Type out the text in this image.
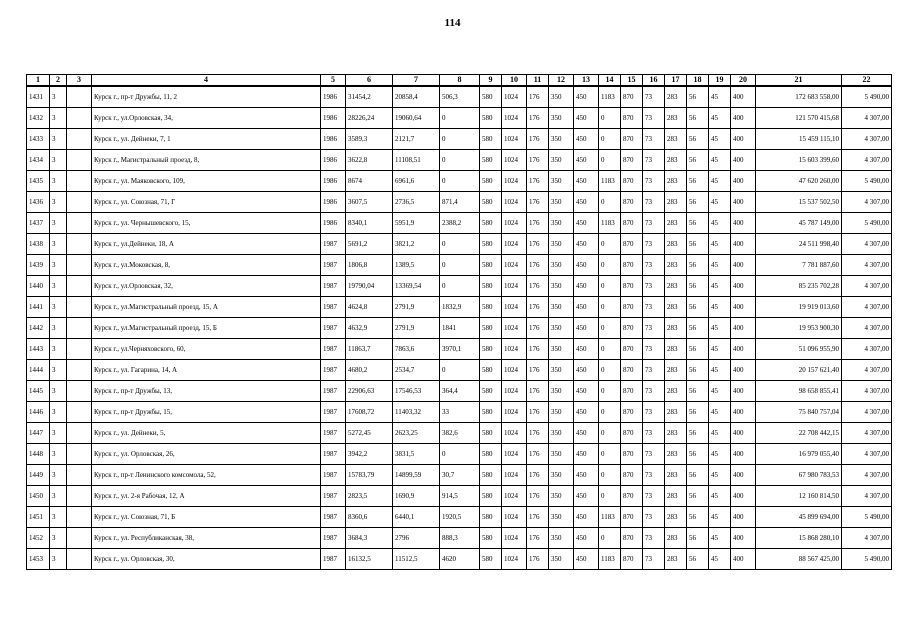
114
1	2	3	4	5	6	7	8	9	10	11	12	13	14	15	16	17	18	19	20	21	22
1431	3		Курск г., пр-т Дружбы, 11, 2	1986	31454,2	20858,4	506,3	580	1024	176	350	450	1183	870	73	283	56	45	400	172 683 558,00	5 490,00
1432	3		Курск г., ул.Орловская, 34,	1986	28226,24	19060,64	0	580	1024	176	350	450	0	870	73	283	56	45	400	121 570 415,68	4 307,00
1433	3		Курск г., ул. Дейнеки, 7, 1	1986	3589,3	2121,7	0	580	1024	176	350	450	0	870	73	283	56	45	400	15 459 115,10	4 307,00
1434	3		Курск г., Магистральный проезд, 8,	1986	3622,8	11108,51	0	580	1024	176	350	450	0	870	73	283	56	45	400	15 603 399,60	4 307,00
1435	3		Курск г., ул. Маяковского, 109,	1986	8674	6961,6	0	580	1024	176	350	450	1183	870	73	283	56	45	400	47 620 260,00	5 490,00
1436	3		Курск г., ул. Союзная, 71, Г	1986	3607,5	2736,5	871,4	580	1024	176	350	450	0	870	73	283	56	45	400	15 537 502,50	4 307,00
1437	3		Курск г., ул. Чернышевского, 15,	1986	8340,1	5951,9	2388,2	580	1024	176	350	450	1183	870	73	283	56	45	400	45 787 149,00	5 490,00
1438	3		Курск г., ул.Дейнеки, 18, А	1987	5691,2	3821,2	0	580	1024	176	350	450	0	870	73	283	56	45	400	24 511 998,40	4 307,00
1439	3		Курск г., ул.Моковская, 8,	1987	1806,8	1389,5	0	580	1024	176	350	450	0	870	73	283	56	45	400	7 781 887,60	4 307,00
1440	3		Курск г., ул.Орловская, 32,	1987	19790,04	13369,54	0	580	1024	176	350	450	0	870	73	283	56	45	400	85 235 702,28	4 307,00
1441	3		Курск г., ул.Магистральный проезд, 15, А	1987	4624,8	2791,9	1832,9	580	1024	176	350	450	0	870	73	283	56	45	400	19 919 013,60	4 307,00
1442	3		Курск г., ул.Магистральный проезд, 15, Б	1987	4632,9	2791,9	1841	580	1024	176	350	450	0	870	73	283	56	45	400	19 953 900,30	4 307,00
1443	3		Курск г., ул.Черняховского, 60,	1987	11863,7	7863,6	3970,1	580	1024	176	350	450	0	870	73	283	56	45	400	51 096 955,90	4 307,00
1444	3		Курск г., ул. Гагарина, 14, А	1987	4680,2	2534,7	0	580	1024	176	350	450	0	870	73	283	56	45	400	20 157 621,40	4 307,00
1445	3		Курск г., пр-т Дружбы, 13,	1987	22906,63	17546,53	364,4	580	1024	176	350	450	0	870	73	283	56	45	400	98 658 855,41	4 307,00
1446	3		Курск г., пр-т Дружбы, 15,	1987	17608,72	11403,32	33	580	1024	176	350	450	0	870	73	283	56	45	400	75 840 757,04	4 307,00
1447	3		Курск г., ул. Дейнеки, 5,	1987	5272,45	2623,25	382,6	580	1024	176	350	450	0	870	73	283	56	45	400	22 708 442,15	4 307,00
1448	3		Курск г., ул. Орловская, 26,	1987	3942,2	3831,5	0	580	1024	176	350	450	0	870	73	283	56	45	400	16 979 055,40	4 307,00
1449	3		Курск г., пр-т Ленинского комсомола, 52,	1987	15783,79	14899,59	30,7	580	1024	176	350	450	0	870	73	283	56	45	400	67 980 783,53	4 307,00
1450	3		Курск г., ул. 2-я Рабочая, 12, А	1987	2823,5	1690,9	914,5	580	1024	176	350	450	0	870	73	283	56	45	400	12 160 814,50	4 307,00
1451	3		Курск г., ул. Союзная, 71, Б	1987	8360,6	6440,1	1920,5	580	1024	176	350	450	1183	870	73	283	56	45	400	45 899 694,00	5 490,00
1452	3		Курск г., ул. Республиканская, 38,	1987	3684,3	2796	888,3	580	1024	176	350	450	0	870	73	283	56	45	400	15 868 280,10	4 307,00
1453	3		Курск г., ул. Орловская, 30,	1987	16132,5	11512,5	4620	580	1024	176	350	450	1183	870	73	283	56	45	400	88 567 425,00	5 490,00
